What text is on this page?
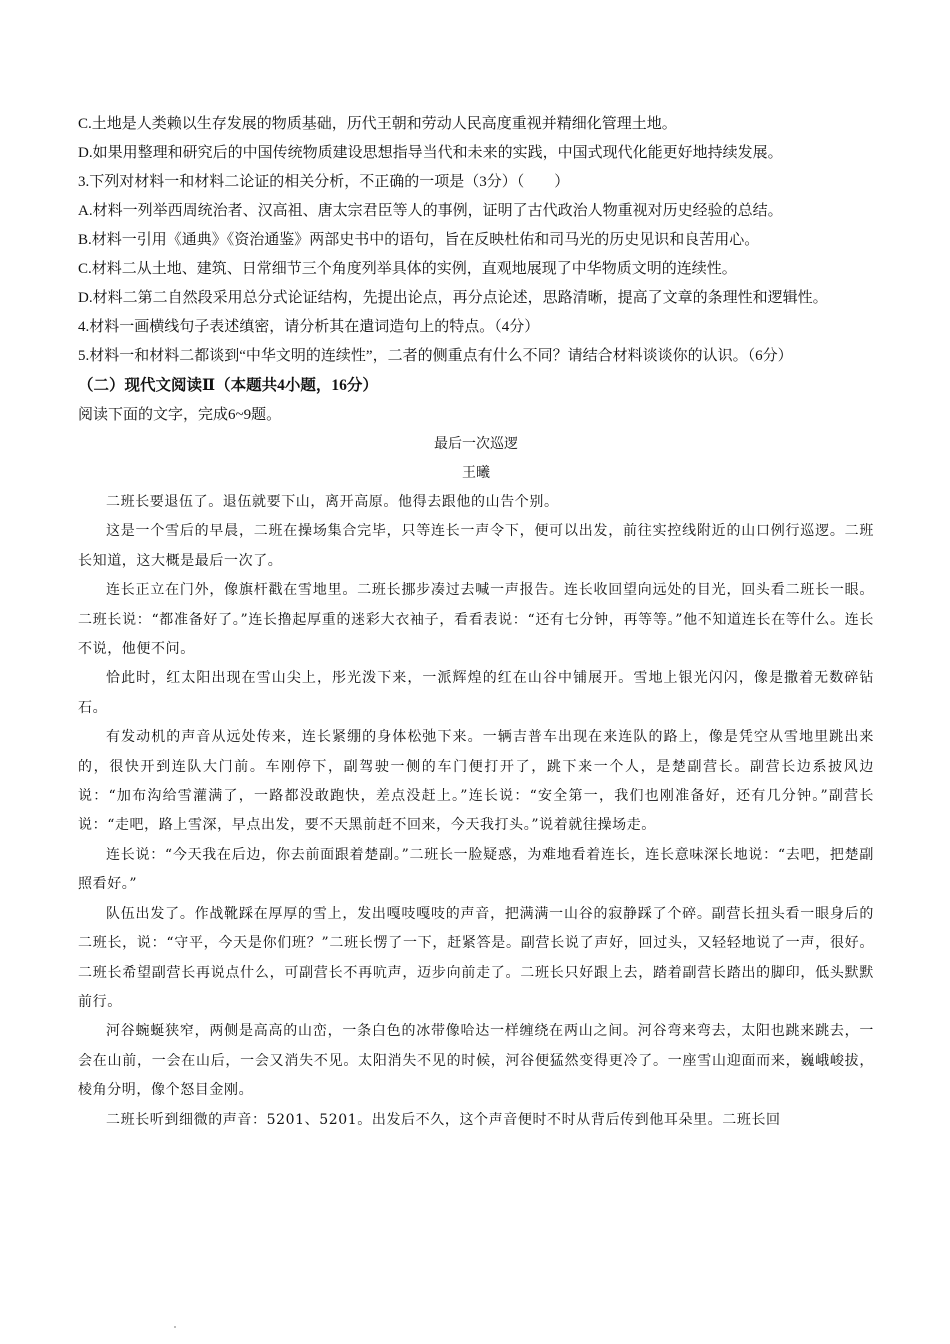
C.土地是人类赖以生存发展的物质基础，历代王朝和劳动人民高度重视并精细化管理土地。

D.如果用整理和研究后的中国传统物质建设思想指导当代和未来的实践，中国式现代化能更好地持续发展。

3.下列对材料一和材料二论证的相关分析，不正确的一项是（3分）（　　）

A.材料一列举西周统治者、汉高祖、唐太宗君臣等人的事例，证明了古代政治人物重视对历史经验的总结。

B.材料一引用《通典》《资治通鉴》两部史书中的语句，旨在反映杜佑和司马光的历史见识和良苦用心。

C.材料二从土地、建筑、日常细节三个角度列举具体的实例，直观地展现了中华物质文明的连续性。

D.材料二第二自然段采用总分式论证结构，先提出论点，再分点论述，思路清晰，提高了文章的条理性和逻辑性。

4.材料一画横线句子表述缜密，请分析其在遣词造句上的特点。（4分）

5.材料一和材料二都谈到“中华文明的连续性”，二者的侧重点有什么不同？请结合材料谈谈你的认识。（6分）

（二）现代文阅读Ⅱ（本题共4小题，16分）

阅读下面的文字，完成6~9题。

最后一次巡逻

王曦

二班长要退伍了。退伍就要下山，离开高原。他得去跟他的山告个别。

这是一个雪后的早晨，二班在操场集合完毕，只等连长一声令下，便可以出发，前往实控线附近的山口例行巡逻。二班长知道，这大概是最后一次了。

连长正立在门外，像旗杆戳在雪地里。二班长挪步凑过去喊一声报告。连长收回望向远处的目光，回头看二班长一眼。二班长说：“都准备好了。”连长撸起厚重的迷彩大衣袖子，看看表说：“还有七分钟，再等等。”他不知道连长在等什么。连长不说，他便不问。

恰此时，红太阳出现在雪山尖上，彤光泼下来，一派辉煌的红在山谷中铺展开。雪地上银光闪闪，像是撒着无数碎钻石。

有发动机的声音从远处传来，连长紧绷的身体松弛下来。一辆吉普车出现在来连队的路上，像是凭空从雪地里跳出来的，很快开到连队大门前。车刚停下，副驾驶一侧的车门便打开了，跳下来一个人，是楚副营长。副营长边系披风边说：“加布沟给雪灌满了，一路都没敢跑快，差点没赶上。”连长说：“安全第一，我们也刚准备好，还有几分钟。”副营长说：“走吧，路上雪深，早点出发，要不天黑前赶不回来，今天我打头。”说着就往操场走。

连长说：“今天我在后边，你去前面跟着楚副。”二班长一脸疑惑，为难地看着连长，连长意味深长地说：“去吧，把楚副照看好。”

队伍出发了。作战靴踩在厚厚的雪上，发出嘎吱嘎吱的声音，把满满一山谷的寂静踩了个碎。副营长扭头看一眼身后的二班长，说：“守平，今天是你们班？”二班长愣了一下，赶紧答是。副营长说了声好，回过头，又轻轻地说了一声，很好。二班长希望副营长再说点什么，可副营长不再吭声，迈步向前走了。二班长只好跟上去，踏着副营长踏出的脚印，低头默默前行。

河谷蜿蜒狭窄，两侧是高高的山峦，一条白色的冰带像哈达一样缠绕在两山之间。河谷弯来弯去，太阳也跳来跳去，一会在山前，一会在山后，一会又消失不见。太阳消失不见的时候，河谷便猛然变得更冷了。一座雪山迎面而来，巍峨峻拔，棱角分明，像个怒目金刚。

二班长听到细微的声音：5201、5201。出发后不久，这个声音便时不时从背后传到他耳朵里。二班长回
